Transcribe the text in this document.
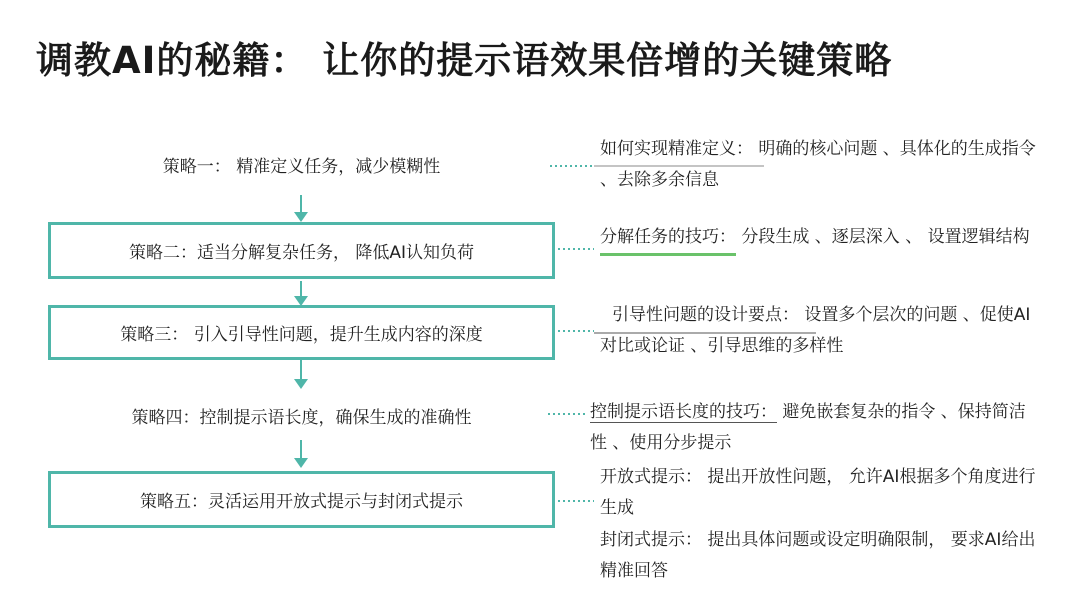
调教AI的秘籍： 让你的提示语效果倍增的关键策略
策略一： 精准定义任务，减少模糊性
策略二：适当分解复杂任务， 降低AI认知负荷
策略三： 引入引导性问题，提升生成内容的深度
策略四：控制提示语长度，确保生成的准确性
策略五：灵活运用开放式提示与封闭式提示
如何实现精准定义： 明确的核心问题 、具体化的生成指令 、去除多余信息
分解任务的技巧： 分段生成 、逐层深入 、 设置逻辑结构
引导性问题的设计要点： 设置多个层次的问题 、促使AI对比或论证 、引导思维的多样性
控制提示语长度的技巧： 避免嵌套复杂的指令 、保持简洁性 、使用分步提示
开放式提示： 提出开放性问题， 允许AI根据多个角度进行生成
封闭式提示： 提出具体问题或设定明确限制， 要求AI给出精准回答
